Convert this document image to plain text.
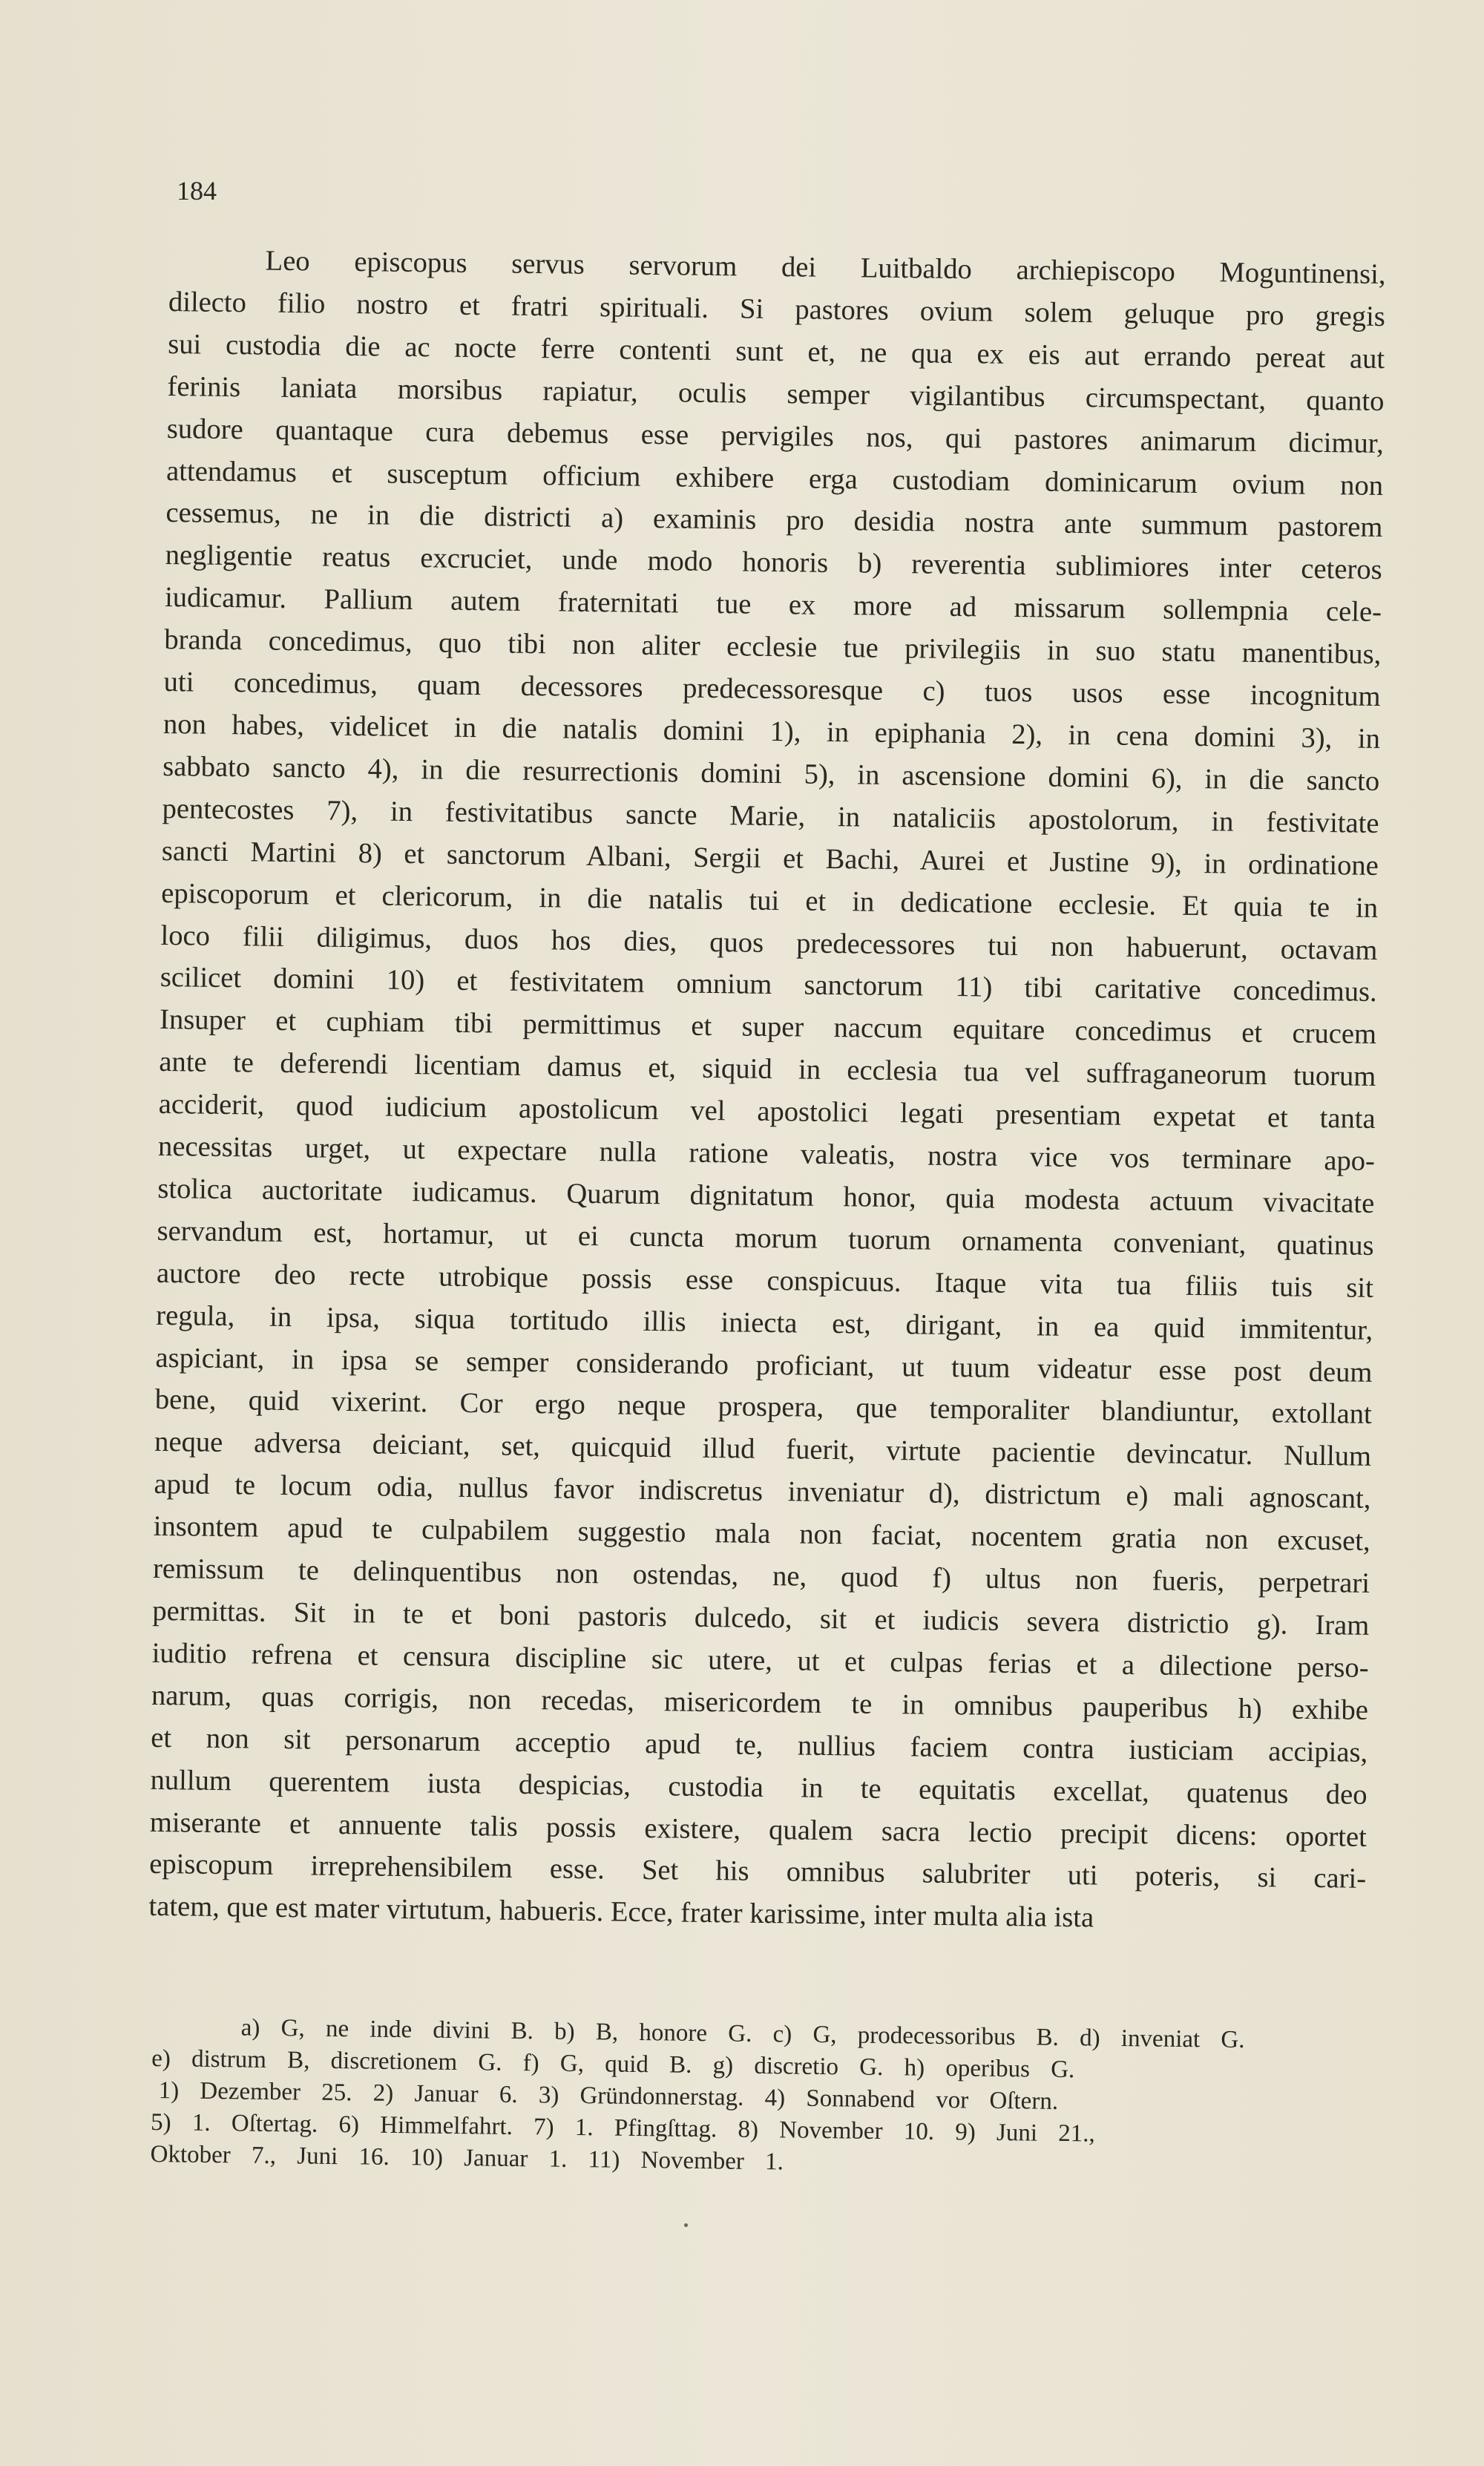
184
Leo episcopus servus servorum dei Luitbaldo archiepiscopo Moguntinensi,
dilecto filio nostro et fratri spirituali. Si pastores ovium solem geluque pro gregis
sui custodia die ac nocte ferre contenti sunt et, ne qua ex eis aut errando pereat aut
ferinis laniata morsibus rapiatur, oculis semper vigilantibus circumspectant, quanto
sudore quantaque cura debemus esse pervigiles nos, qui pastores animarum dicimur,
attendamus et susceptum officium exhibere erga custodiam dominicarum ovium non
cessemus, ne in die districti a) examinis pro desidia nostra ante summum pastorem
negligentie reatus excruciet, unde modo honoris b) reverentia sublimiores inter ceteros
iudicamur. Pallium autem fraternitati tue ex more ad missarum sollempnia cele-
branda concedimus, quo tibi non aliter ecclesie tue privilegiis in suo statu manentibus,
uti concedimus, quam decessores predecessoresque c) tuos usos esse incognitum
non habes, videlicet in die natalis domini 1), in epiphania 2), in cena domini 3), in
sabbato sancto 4), in die resurrectionis domini 5), in ascensione domini 6), in die sancto
pentecostes 7), in festivitatibus sancte Marie, in nataliciis apostolorum, in festivitate
sancti Martini 8) et sanctorum Albani, Sergii et Bachi, Aurei et Justine 9), in ordinatione
episcoporum et clericorum, in die natalis tui et in dedicatione ecclesie. Et quia te in
loco filii diligimus, duos hos dies, quos predecessores tui non habuerunt, octavam
scilicet domini 10) et festivitatem omnium sanctorum 11) tibi caritative concedimus.
Insuper et cuphiam tibi permittimus et super naccum equitare concedimus et crucem
ante te deferendi licentiam damus et, siquid in ecclesia tua vel suffraganeorum tuorum
acciderit, quod iudicium apostolicum vel apostolici legati presentiam expetat et tanta
necessitas urget, ut expectare nulla ratione valeatis, nostra vice vos terminare apo-
stolica auctoritate iudicamus. Quarum dignitatum honor, quia modesta actuum vivacitate
servandum est, hortamur, ut ei cuncta morum tuorum ornamenta conveniant, quatinus
auctore deo recte utrobique possis esse conspicuus. Itaque vita tua filiis tuis sit
regula, in ipsa, siqua tortitudo illis iniecta est, dirigant, in ea quid immitentur,
aspiciant, in ipsa se semper considerando proficiant, ut tuum videatur esse post deum
bene, quid vixerint. Cor ergo neque prospera, que temporaliter blandiuntur, extollant
neque adversa deiciant, set, quicquid illud fuerit, virtute pacientie devincatur. Nullum
apud te locum odia, nullus favor indiscretus inveniatur d), districtum e) mali agnoscant,
insontem apud te culpabilem suggestio mala non faciat, nocentem gratia non excuset,
remissum te delinquentibus non ostendas, ne, quod f) ultus non fueris, perpetrari
permittas. Sit in te et boni pastoris dulcedo, sit et iudicis severa districtio g). Iram
iuditio refrena et censura discipline sic utere, ut et culpas ferias et a dilectione perso-
narum, quas corrigis, non recedas, misericordem te in omnibus pauperibus h) exhibe
et non sit personarum acceptio apud te, nullius faciem contra iusticiam accipias,
nullum querentem iusta despicias, custodia in te equitatis excellat, quatenus deo
miserante et annuente talis possis existere, qualem sacra lectio precipit dicens: oportet
episcopum irreprehensibilem esse. Set his omnibus salubriter uti poteris, si cari-
tatem, que est mater virtutum, habueris. Ecce, frater karissime, inter multa alia ista
a) G, ne inde divini B. b) B, honore G. c) G, prodecessoribus B. d) inveniat G.
e) distrum B, discretionem G. f) G, quid B. g) discretio G. h) operibus G.
1) Dezember 25. 2) Januar 6. 3) Gründonnerstag. 4) Sonnabend vor Oſtern.
5) 1. Oſtertag. 6) Himmelfahrt. 7) 1. Pfingſttag. 8) November 10. 9) Juni 21.,
Oktober 7., Juni 16. 10) Januar 1. 11) November 1.
